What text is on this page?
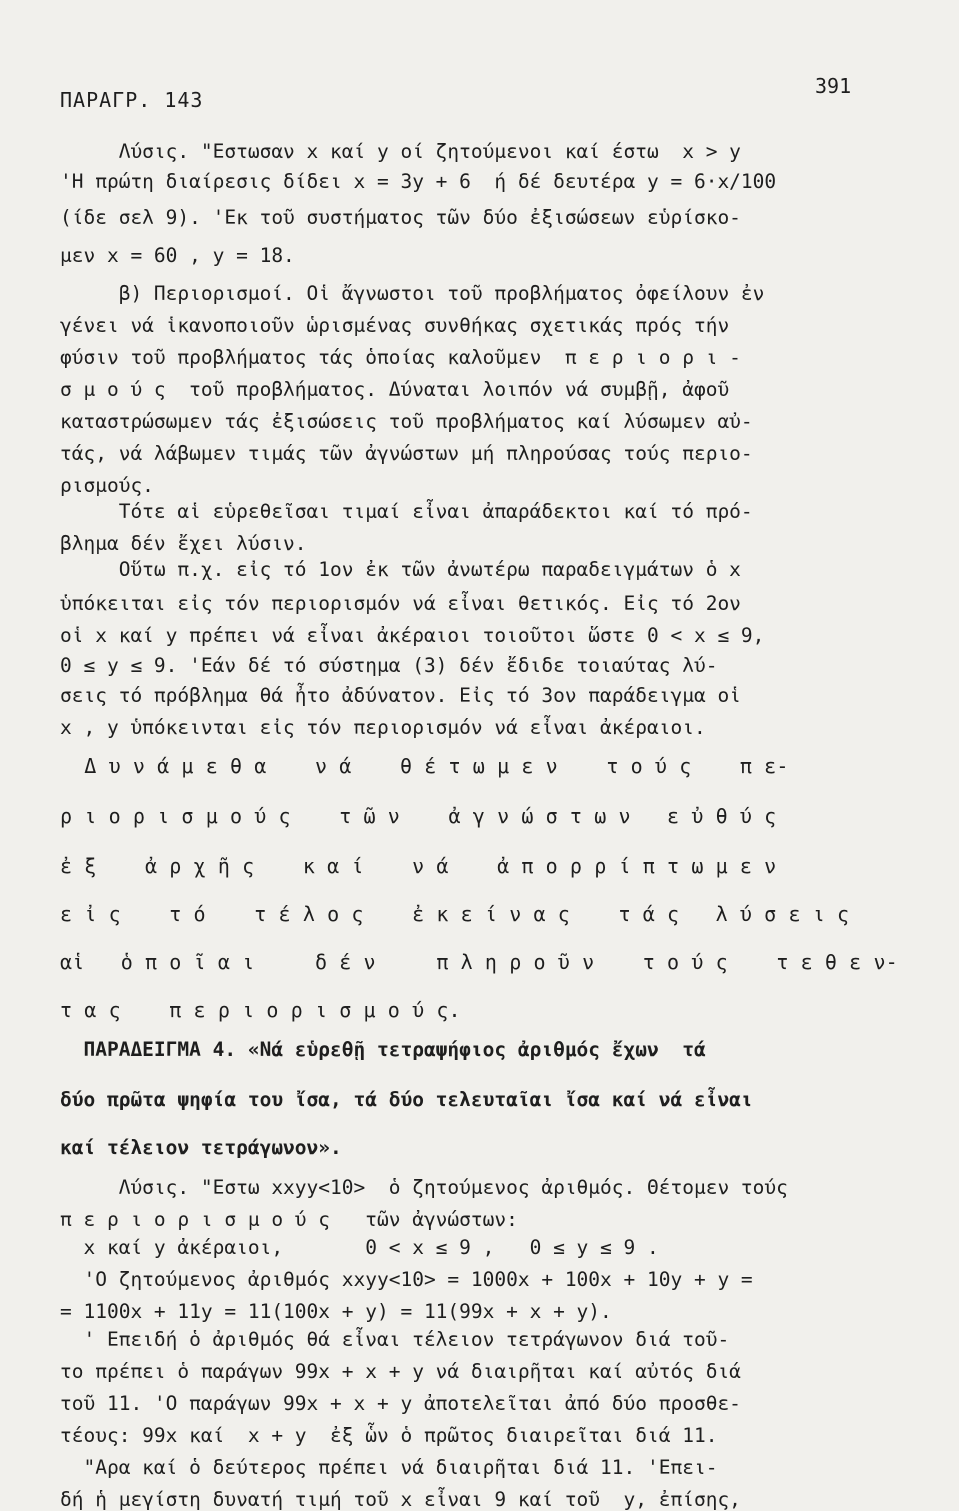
ΠΑΡΑΓΡ. 143
391
Λύσις. "Εστωσαν x καί y οί ζητούμενοι καί έστω  x > y
'Η πρώτη διαίρεσις δίδει x = 3y + 6  ή δέ δευτέρα y = 6·x/100
(ίδε σελ 9). 'Εκ τοῦ συστήματος τῶν δύο ἐξισώσεων εὑρίσκο-
μεν x = 60 , y = 18.
β) Περιορισμοί. Οἱ ἄγνωστοι τοῦ προβλήματος ὀφείλουν ἐν
γένει νά ἱκανοποιοῦν ὡρισμένας συνθήκας σχετικάς πρός τήν
φύσιν τοῦ προβλήματος τάς ὁποίας καλοῦμεν  π ε ρ ι ο ρ ι -
σ μ ο ύ ς  τοῦ προβλήματος. Δύναται λοιπόν νά συμβῇ, ἀφοῦ
καταστρώσωμεν τάς ἐξισώσεις τοῦ προβλήματος καί λύσωμεν αὐ-
τάς, νά λάβωμεν τιμάς τῶν ἀγνώστων μή πληρούσας τούς περιο-
ρισμούς.
Τότε αἱ εὑρεθεῖσαι τιμαί εἶναι ἀπαράδεκτοι καί τό πρό-
βλημα δέν ἔχει λύσιν.
Οὕτω π.χ. εἰς τό 1ον ἐκ τῶν ἀνωτέρω παραδειγμάτων ὁ x
ὑπόκειται εἰς τόν περιορισμόν νά εἶναι θετικός. Εἰς τό 2ον
οἱ x καί y πρέπει νά εἶναι ἀκέραιοι τοιοῦτοι ὥστε 0 < x ≤ 9,
0 ≤ y ≤ 9. 'Εάν δέ τό σύστημα (3) δέν ἔδιδε τοιαύτας λύ-
σεις τό πρόβλημα θά ἦτο ἀδύνατον. Εἰς τό 3ον παράδειγμα οἱ
x , y ὑπόκεινται εἰς τόν περιορισμόν νά εἶναι ἀκέραιοι.
Δ υ ν ά μ ε θ α    ν ά    θ έ τ ω μ ε ν    τ ο ύ ς    π ε-
ρ ι ο ρ ι σ μ ο ύ ς    τ ῶ ν    ἀ γ ν ώ σ τ ω ν   ε ὐ θ ύ ς
ἐ ξ    ἀ ρ χ ῆ ς    κ α ί    ν ά    ἀ π ο ρ ρ ί π τ ω μ ε ν
ε ἰ ς    τ ό    τ έ λ ο ς    ἐ κ ε ί ν α ς    τ ά ς   λ ύ σ ε ι ς
αἱ   ὁ π ο ῖ α ι     δ έ ν     π λ η ρ ο ῦ ν    τ ο ύ ς    τ ε θ ε ν-
τ α ς    π ε ρ ι ο ρ ι σ μ ο ύ ς.
ΠΑΡΑΔΕΙΓΜΑ 4. «Νά εὑρεθῇ τετραψήφιος ἀριθμός ἔχων  τά
δύο πρῶτα ψηφία του ἴσα, τά δύο τελευταῖαι ἴσα καί νά εἶναι
καί τέλειον τετράγωνον».
Λύσις. "Εστω xxyy<10>  ὁ ζητούμενος ἀριθμός. Θέτομεν τούς
π ε ρ ι ο ρ ι σ μ ο ύ ς   τῶν ἀγνώστων:
x καί y ἀκέραιοι,       0 < x ≤ 9 ,   0 ≤ y ≤ 9 .
'Ο ζητούμενος ἀριθμός xxyy<10> = 1000x + 100x + 10y + y =
= 1100x + 11y = 11(100x + y) = 11(99x + x + y).
' Επειδή ὁ ἀριθμός θά εἶναι τέλειον τετράγωνον διά τοῦ-
το πρέπει ὁ παράγων 99x + x + y νά διαιρῆται καί αὐτός διά
τοῦ 11. 'Ο παράγων 99x + x + y ἀποτελεῖται ἀπό δύο προσθε-
τέους: 99x καί  x + y  ἐξ ὧν ὁ πρῶτος διαιρεῖται διά 11.
"Αρα καί ὁ δεύτερος πρέπει νά διαιρῆται διά 11. 'Επει-
δή ἡ μεγίστη δυνατή τιμή τοῦ x εἶναι 9 καί τοῦ  y, ἐπίσης,
